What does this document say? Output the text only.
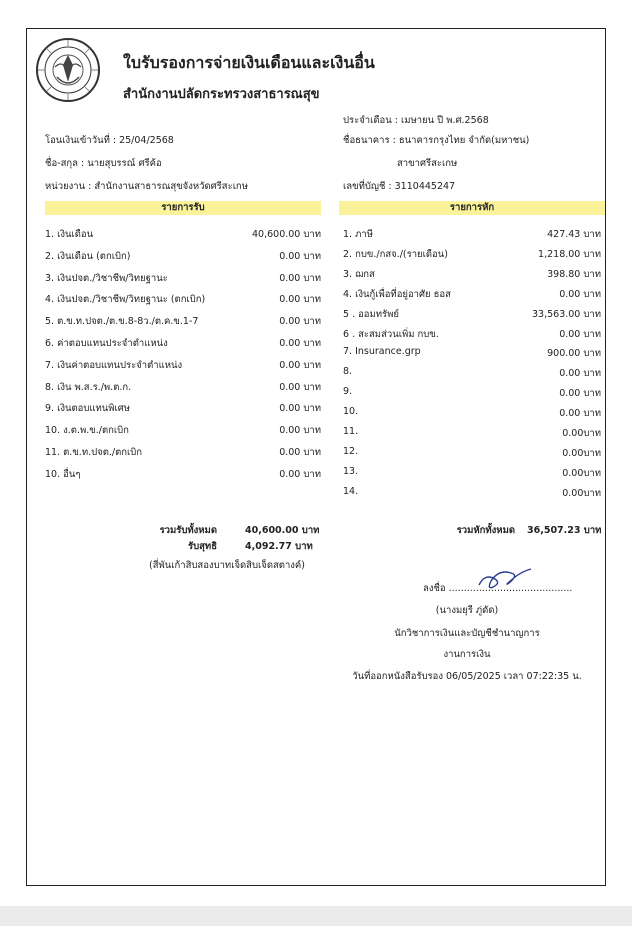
ใบรับรองการจ่ายเงินเดือนและเงินอื่น
สำนักงานปลัดกระทรวงสาธารณสุข
ประจำเดือน : เมษายน ปี พ.ศ.2568
โอนเงินเข้าวันที่ : 25/04/2568	ชื่อธนาคาร : ธนาคารกรุงไทย จำกัด(มหาชน)
ชื่อ-สกุล : นายสุบรรณ์ ศรีค้อ	สาขาศรีสะเกษ
หน่วยงาน : สำนักงานสาธารณสุขจังหวัดศรีสะเกษ	เลขที่บัญชี : 3110445247
รายการรับ	รายการหัก
1. เงินเดือน	40,600.00 บาท
2. เงินเดือน (ตกเบิก)	0.00 บาท
3. เงินปจต./วิชาชีพ/วิทยฐานะ	0.00 บาท
4. เงินปจต./วิชาชีพ/วิทยฐานะ (ตกเบิก)	0.00 บาท
5. ต.ข.ท.ปจต./ต.ข.8-8ว./ต.ค.ข.1-7	0.00 บาท
6. ค่าตอบแทนประจำตำแหน่ง	0.00 บาท
7. เงินค่าตอบแทนประจำตำแหน่ง	0.00 บาท
8. เงิน พ.ส.ร./พ.ต.ก.	0.00 บาท
9. เงินตอบแทนพิเศษ	0.00 บาท
10. ง.ต.พ.ข./ตกเบิก	0.00 บาท
11. ต.ข.ท.ปจต./ตกเบิก	0.00 บาท
10. อื่นๆ	0.00 บาท
1. ภาษี	427.43 บาท
2. กบข./กสจ./(รายเดือน)	1,218.00 บาท
3. ฌกส	398.80 บาท
4. เงินกู้เพื่อที่อยู่อาศัย ธอส	0.00 บาท
5 . ออมทรัพย์	33,563.00 บาท
6 . สะสมส่วนเพิ่ม กบข.	0.00 บาท
7. Insurance.grp	900.00 บาท
8.	0.00 บาท
9.	0.00 บาท
10.	0.00 บาท
11.	0.00บาท
12.	0.00บาท
13.	0.00บาท
14.	0.00บาท
รวมรับทั้งหมด	40,600.00 บาท
รับสุทธิ	4,092.77 บาท
(สี่พันเก้าสิบสองบาทเจ็ดสิบเจ็ดสตางค์)
รวมหักทั้งหมด 36,507.23 บาท
ลงชื่อ .........................................
(นางมยุรี ภู่ดัด)
นักวิชาการเงินและบัญชีชำนาญการ
งานการเงิน
วันที่ออกหนังสือรับรอง 06/05/2025 เวลา 07:22:35 น.
